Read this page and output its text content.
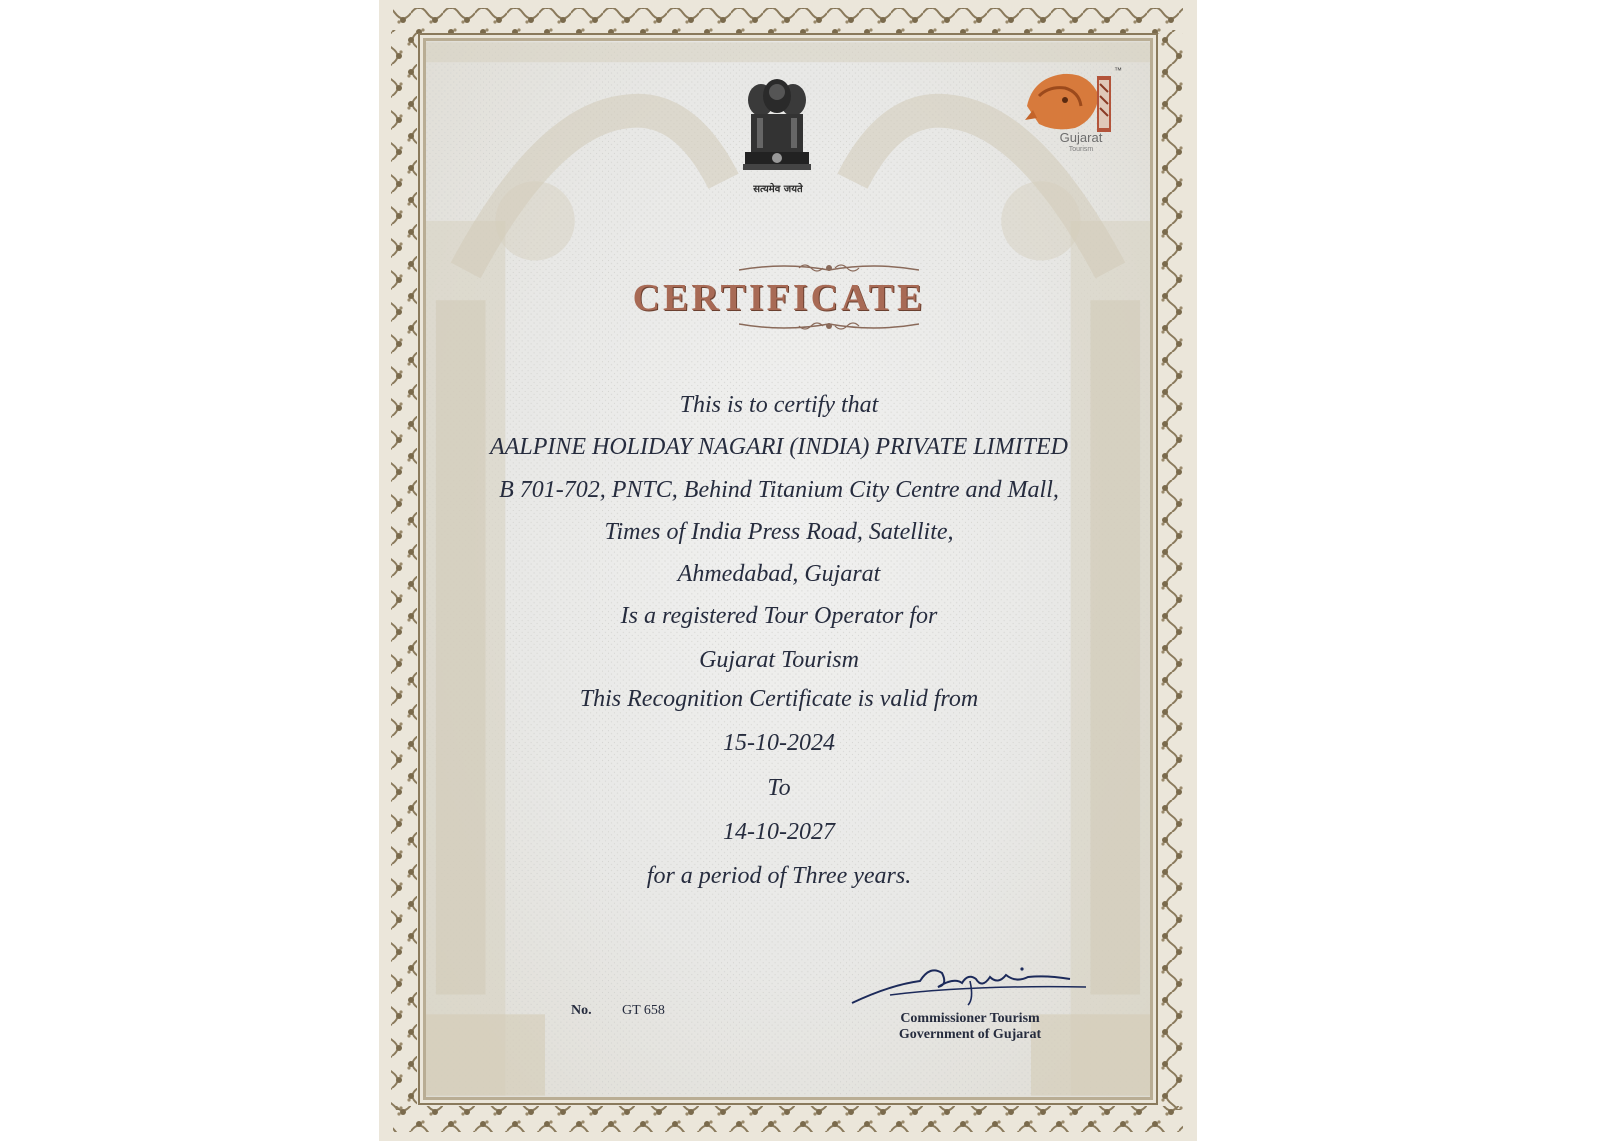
सत्यमेव जयते
™
Gujarat
Tourism
CERTIFICATE
This is to certify that
AALPINE HOLIDAY NAGARI (INDIA) PRIVATE LIMITED
B 701-702, PNTC, Behind Titanium City Centre and Mall,
Times of India Press Road, Satellite,
Ahmedabad, Gujarat
Is a registered Tour Operator for
Gujarat Tourism
This Recognition Certificate is valid from
15-10-2024
To
14-10-2027
for a period of Three years.
No. GT 658
Commissioner Tourism
Government of Gujarat
